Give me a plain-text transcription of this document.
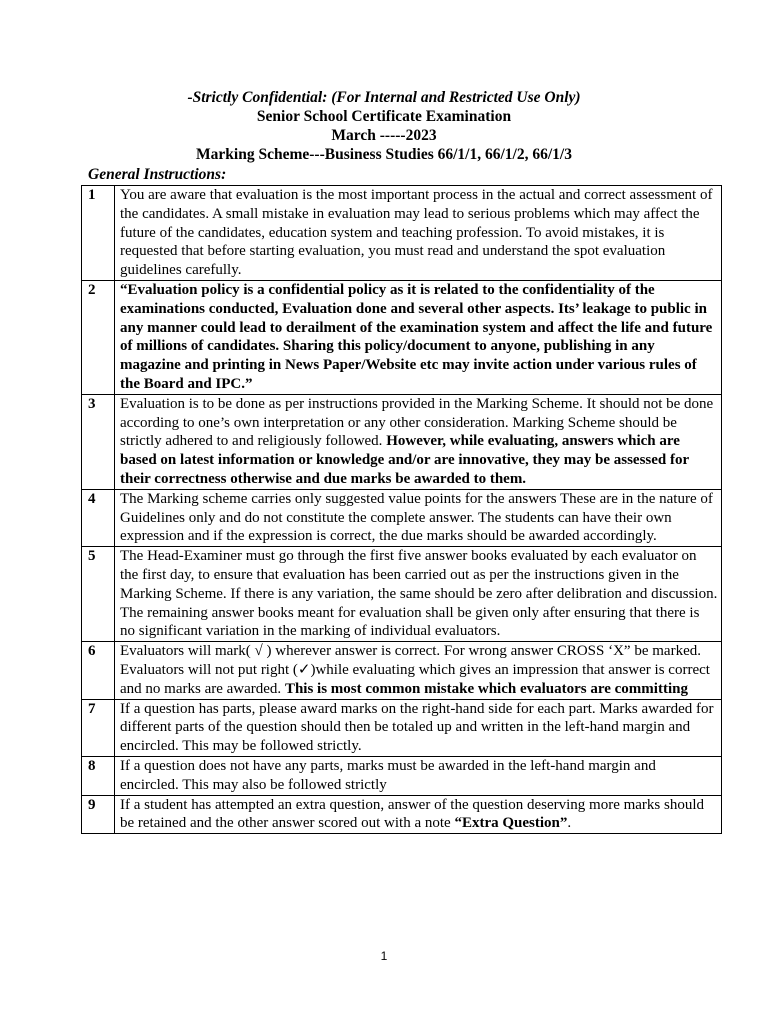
-Strictly Confidential: (For Internal and Restricted Use Only)
Senior School Certificate Examination
March -----2023
Marking Scheme---Business Studies 66/1/1, 66/1/2, 66/1/3
General Instructions:
1	You are aware that evaluation is the most important process in the actual and correct assessment of the candidates. A small mistake in evaluation may lead to serious problems which may affect the future of the candidates, education system and teaching profession. To avoid mistakes, it is requested that before starting evaluation, you must read and understand the spot evaluation guidelines carefully.
2	“Evaluation policy is a confidential policy as it is related to the confidentiality of the examinations conducted, Evaluation done and several other aspects. Its’ leakage to public in any manner could lead to derailment of the examination system and affect the life and future of millions of candidates. Sharing this policy/document to anyone, publishing in any magazine and printing in News Paper/Website etc may invite action under various rules of the Board and IPC.”
3	Evaluation is to be done as per instructions provided in the Marking Scheme. It should not be done according to one’s own interpretation or any other consideration. Marking Scheme should be strictly adhered to and religiously followed. However, while evaluating, answers which are based on latest information or knowledge and/or are innovative, they may be assessed for their correctness otherwise and due marks be awarded to them.
4	The Marking scheme carries only suggested value points for the answers These are in the nature of Guidelines only and do not constitute the complete answer. The students can have their own expression and if the expression is correct, the due marks should be awarded accordingly.
5	The Head-Examiner must go through the first five answer books evaluated by each evaluator on the first day, to ensure that evaluation has been carried out as per the instructions given in the Marking Scheme. If there is any variation, the same should be zero after delibration and discussion. The remaining answer books meant for evaluation shall be given only after ensuring that there is no significant variation in the marking of individual evaluators.
6	Evaluators will mark( √ ) wherever answer is correct. For wrong answer CROSS ‘X” be marked. Evaluators will not put right (✓)while evaluating which gives an impression that answer is correct and no marks are awarded. This is most common mistake which evaluators are committing
7	If a question has parts, please award marks on the right-hand side for each part. Marks awarded for different parts of the question should then be totaled up and written in the left-hand margin and encircled. This may be followed strictly.
8	If a question does not have any parts, marks must be awarded in the left-hand margin and encircled. This may also be followed strictly
9	If a student has attempted an extra question, answer of the question deserving more marks should be retained and the other answer scored out with a note “Extra Question”.
1
